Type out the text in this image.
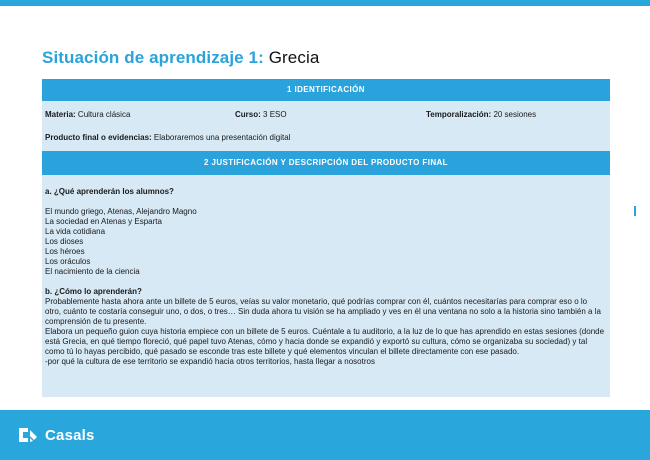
Situación de aprendizaje 1: Grecia
1 IDENTIFICACIÓN
Materia: Cultura clásica	Curso: 3 ESO	Temporalización: 20 sesiones
Producto final o evidencias: Elaboraremos una presentación digital
2 JUSTIFICACIÓN Y DESCRIPCIÓN DEL PRODUCTO FINAL

a. ¿Qué aprenderán los alumnos?

El mundo griego, Atenas, Alejandro Magno

La sociedad en Atenas y Esparta

La vida cotidiana

Los dioses

Los héroes

Los oráculos

El nacimiento de la ciencia

b. ¿Cómo lo aprenderán?

Probablemente hasta ahora ante un billete de 5 euros, veías su valor monetario, qué podrías comprar con él, cuántos necesitarías para comprar eso o lo otro, cuánto te costaría conseguir uno, o dos, o tres… Sin duda ahora tu visión se ha ampliado y ves en él una ventana no solo a la historia sino también a la comprensión de tu presente.

Elabora un pequeño guion cuya historia empiece con un billete de 5 euros. Cuéntale a tu auditorio, a la luz de lo que has aprendido en estas sesiones (donde está Grecia, en qué tiempo floreció, qué papel tuvo Atenas, cómo y hacia donde se expandió y exportó su cultura, cómo se organizaba su sociedad) y tal como tú lo hayas percibido, qué pasado se esconde tras este billete y qué elementos vinculan el billete directamente con ese pasado.

-por qué la cultura de ese territorio se expandió hacia otros territorios, hasta llegar a nosotros

Casals
